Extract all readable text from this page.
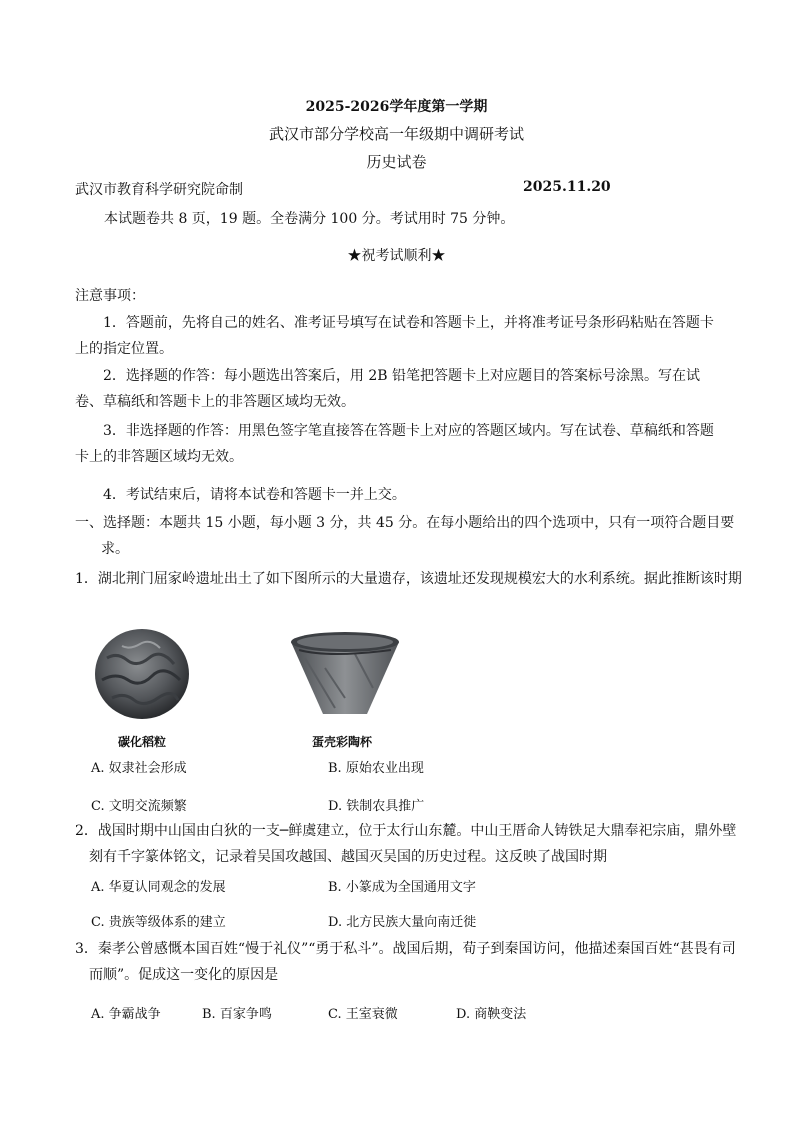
2025-2026学年度第一学期
武汉市部分学校高一年级期中调研考试
历史试卷
武汉市教育科学研究院命制	2025.11.20
本试题卷共 8 页，19 题。全卷满分 100 分。考试用时 75 分钟。
★祝考试顺利★
注意事项：
1．答题前，先将自己的姓名、准考证号填写在试卷和答题卡上，并将准考证号条形码粘贴在答题卡上的指定位置。
2．选择题的作答：每小题选出答案后，用 2B 铅笔把答题卡上对应题目的答案标号涂黑。写在试卷、草稿纸和答题卡上的非答题区域均无效。
3．非选择题的作答：用黑色签字笔直接答在答题卡上对应的答题区域内。写在试卷、草稿纸和答题卡上的非答题区域均无效。
4．考试结束后，请将本试卷和答题卡一并上交。
一、选择题：本题共 15 小题，每小题 3 分，共 45 分。在每小题给出的四个选项中，只有一项符合题目要求。
1．湖北荆门屈家岭遗址出土了如下图所示的大量遗存，该遗址还发现规模宏大的水利系统。据此推断该时期
碳化稻粒	蛋壳彩陶杯
A. 奴隶社会形成	B. 原始农业出现
C. 文明交流频繁	D. 铁制农具推广
2．战国时期中山国由白狄的一支─鲜虞建立，位于太行山东麓。中山王厝命人铸铁足大鼎奉祀宗庙，鼎外壁刻有千字篆体铭文，记录着吴国攻越国、越国灭吴国的历史过程。这反映了战国时期
A. 华夏认同观念的发展	B. 小篆成为全国通用文字
C. 贵族等级体系的建立	D. 北方民族大量向南迁徙
3．秦孝公曾感慨本国百姓“慢于礼仪”“勇于私斗”。战国后期，荀子到秦国访问，他描述秦国百姓“甚畏有司而顺”。促成这一变化的原因是
A. 争霸战争	B. 百家争鸣	C. 王室衰微	D. 商鞅变法
